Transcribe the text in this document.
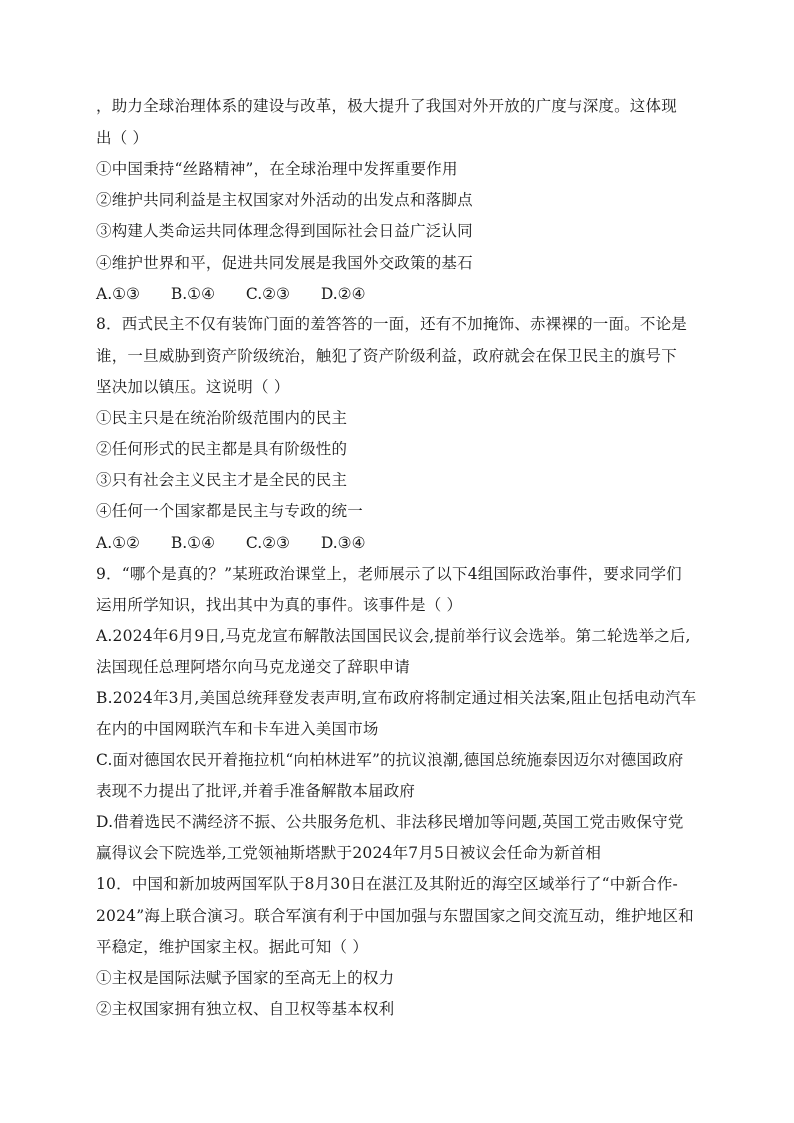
，助力全球治理体系的建设与改革，极大提升了我国对外开放的广度与深度。这体现
出（ ）
①中国秉持“丝路精神”，在全球治理中发挥重要作用
②维护共同利益是主权国家对外活动的出发点和落脚点
③构建人类命运共同体理念得到国际社会日益广泛认同
④维护世界和平，促进共同发展是我国外交政策的基石
A.①③ B.①④ C.②③ D.②④
8．西式民主不仅有装饰门面的羞答答的一面，还有不加掩饰、赤裸裸的一面。不论是
谁，一旦威胁到资产阶级统治，触犯了资产阶级利益，政府就会在保卫民主的旗号下
坚决加以镇压。这说明（ ）
①民主只是在统治阶级范围内的民主
②任何形式的民主都是具有阶级性的
③只有社会主义民主才是全民的民主
④任何一个国家都是民主与专政的统一
A.①② B.①④ C.②③ D.③④
9．“哪个是真的？”某班政治课堂上，老师展示了以下4组国际政治事件，要求同学们
运用所学知识，找出其中为真的事件。该事件是（ ）
A.2024年6月9日,马克龙宣布解散法国国民议会,提前举行议会选举。第二轮选举之后,
法国现任总理阿塔尔向马克龙递交了辞职申请
B.2024年3月,美国总统拜登发表声明,宣布政府将制定通过相关法案,阻止包括电动汽车
在内的中国网联汽车和卡车进入美国市场
C.面对德国农民开着拖拉机“向柏林进军”的抗议浪潮,德国总统施泰因迈尔对德国政府
表现不力提出了批评,并着手准备解散本届政府
D.借着选民不满经济不振、公共服务危机、非法移民增加等问题,英国工党击败保守党
赢得议会下院选举,工党领袖斯塔默于2024年7月5日被议会任命为新首相
10．中国和新加坡两国军队于8月30日在湛江及其附近的海空区域举行了“中新合作-
2024”海上联合演习。联合军演有利于中国加强与东盟国家之间交流互动，维护地区和
平稳定，维护国家主权。据此可知（ ）
①主权是国际法赋予国家的至高无上的权力
②主权国家拥有独立权、自卫权等基本权利
